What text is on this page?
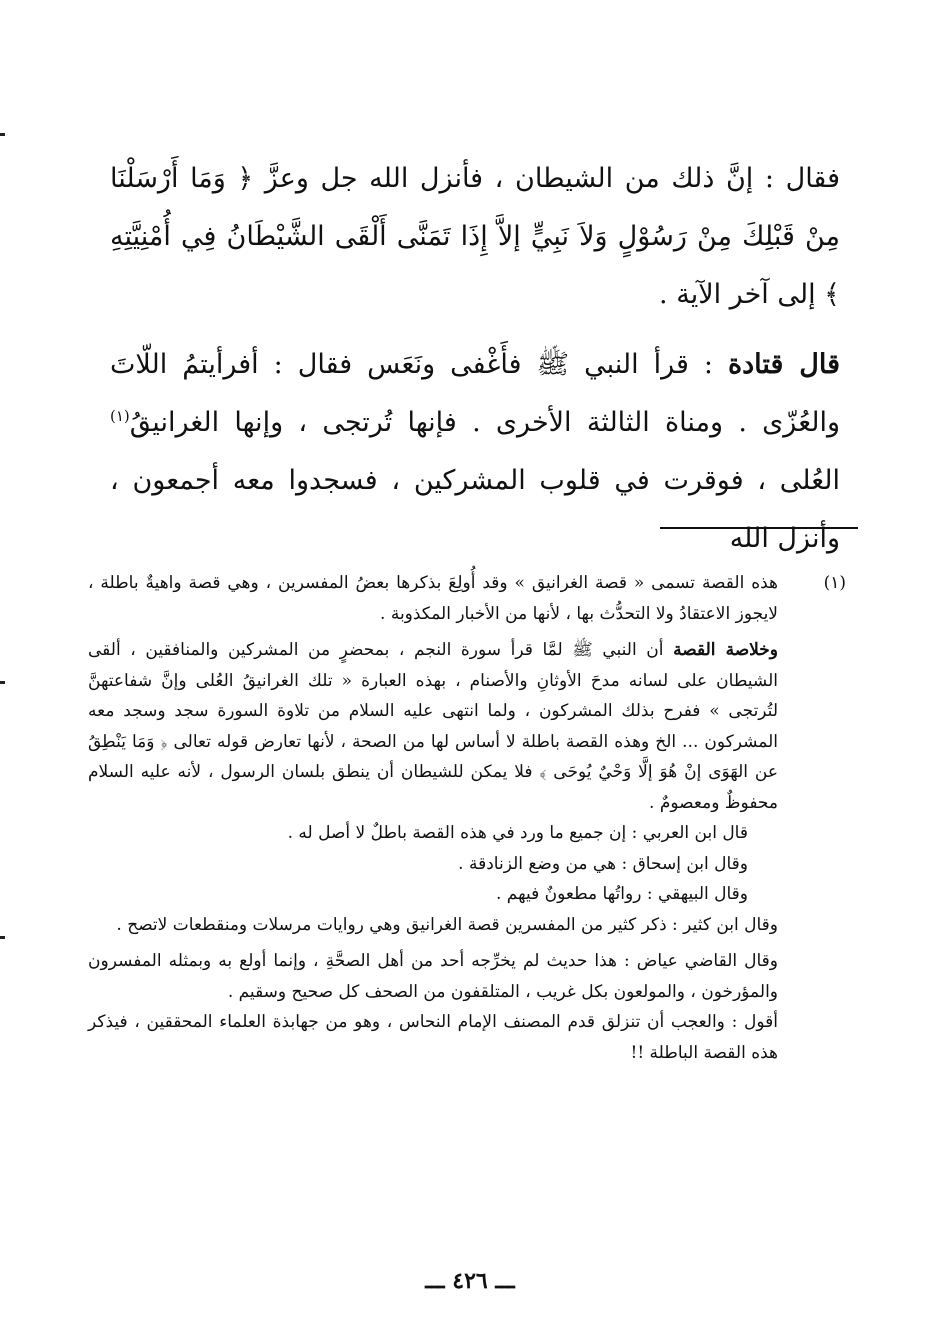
فقال : إنَّ ذلك من الشيطان ، فأنزل الله جل وعزَّ ﴿ وَمَا أَرْسَلْنَا مِنْ قَبْلِكَ مِنْ رَسُوْلٍ وَلاَ نَبِيٍّ إلاَّ إِذَا تَمَنَّى أَلْقَى الشَّيْطَانُ فِي أُمْنِيَّتِهِ ﴾ إلى آخر الآية .

قال قتادة : قرأ النبي ﷺ فأَغْفى ونَعَس فقال : أفرأيتمُ اللّاتَ والعُزّى . ومناة الثالثة الأخرى . فإنها تُرتجى ، وإنها الغرانيقُ$^{(١)}$ العُلى ، فوقرت في قلوب المشركين ، فسجدوا معه أجمعون ، وأنزل الله

(١)

هذه القصة تسمى « قصة الغرانيق » وقد أُولِعَ بذكرها بعضُ المفسرين ، وهي قصة واهيةٌ باطلة ، لايجوز الاعتقادُ ولا التحدُّث بها ، لأنها من الأخبار المكذوبة .

وخلاصة القصة أن النبي ﷺ لمَّا قرأ سورة النجم ، بمحضرٍ من المشركين والمنافقين ، ألقى الشيطان على لسانه مدحَ الأوثانِ والأصنام ، بهذه العبارة « تلك الغرانيقُ العُلى وإنَّ شفاعتهنَّ لتُرتجى » ففرح بذلك المشركون ، ولما انتهى عليه السلام من تلاوة السورة سجد وسجد معه المشركون ... الخ وهذه القصة باطلة لا أساس لها من الصحة ، لأنها تعارض قوله تعالى ﴿ وَمَا يَنْطِقُ عن الهَوَى إنْ هُوَ إلَّا وَحْيٌ يُوحَى ﴾ فلا يمكن للشيطان أن ينطق بلسان الرسول ، لأنه عليه السلام محفوظٌ ومعصومٌ .

قال ابن العربي : إن جميع ما ورد في هذه القصة باطلٌ لا أصل له .

وقال ابن إسحاق : هي من وضع الزنادقة .

وقال البيهقي : رواتُها مطعونٌ فيهم .

وقال ابن كثير : ذكر كثير من المفسرين قصة الغرانيق وهي روايات مرسلات ومنقطعات لاتصح .

وقال القاضي عياض : هذا حديث لم يخرِّجه أحد من أهل الصحَّةِ ، وإنما أولع به وبمثله المفسرون والمؤرخون ، والمولعون بكل غريب ، المتلقفون من الصحف كل صحيح وسقيم .

أقول : والعجب أن تنزلق قدم المصنف الإمام النحاس ، وهو من جهابذة العلماء المحققين ، فيذكر هذه القصة الباطلة !!

ـــ ٤٢٦ ـــ
